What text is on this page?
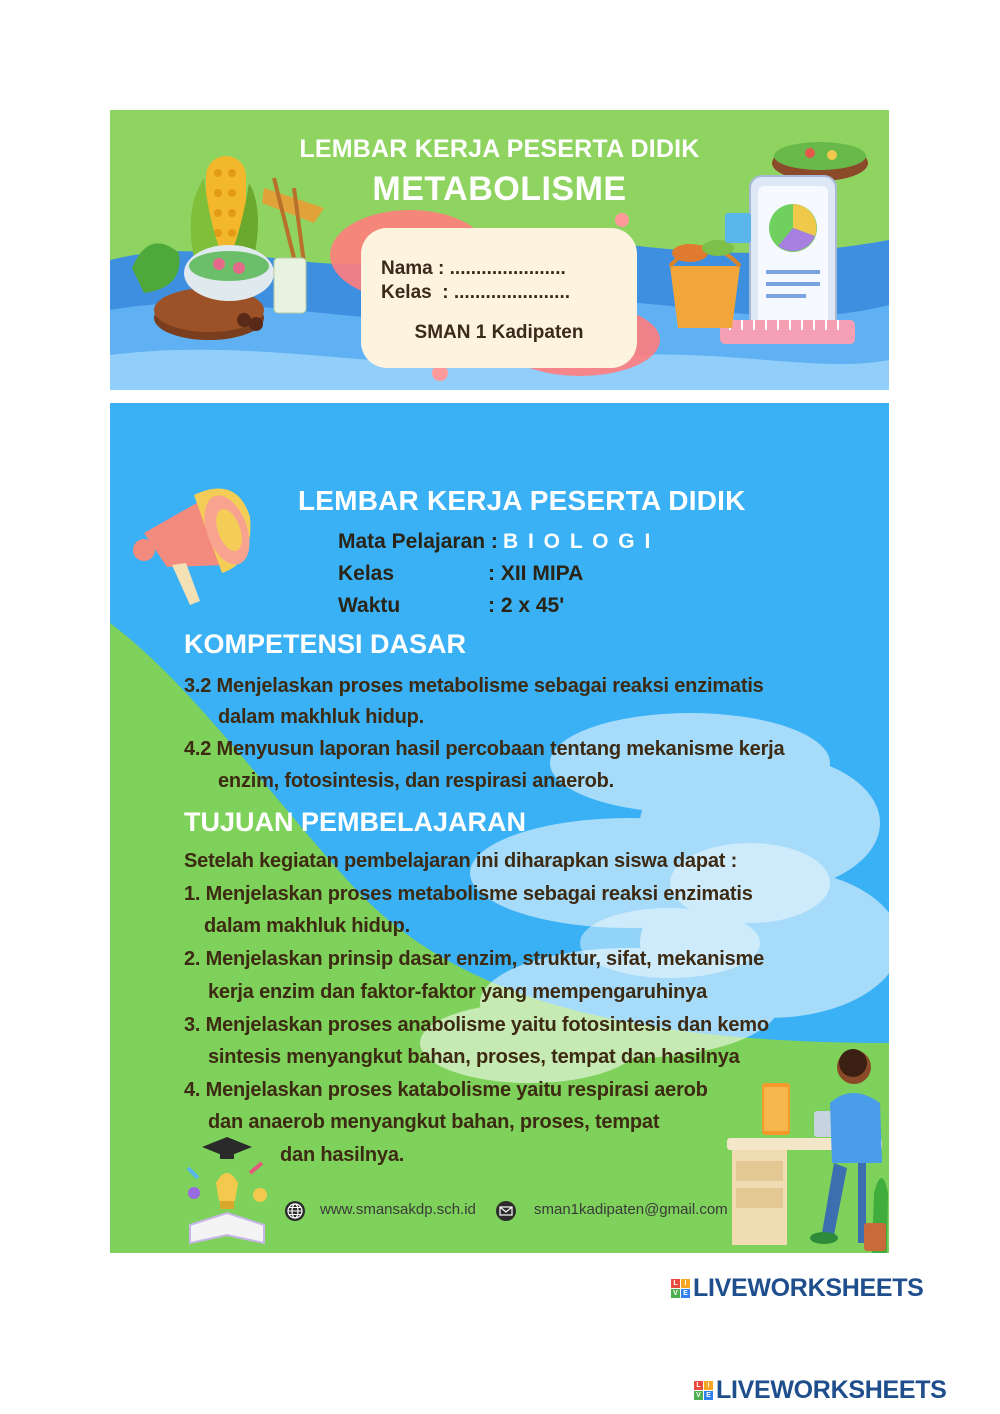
LEMBAR KERJA PESERTA DIDIK
METABOLISME
Nama : ......................
Kelas  : ......................
SMAN 1 Kadipaten
LEMBAR KERJA PESERTA DIDIK
Mata Pelajaran : B I O L O G I
Kelas	: XII MIPA
Waktu	: 2 x 45'
KOMPETENSI DASAR
3.2 Menjelaskan proses metabolisme sebagai reaksi enzimatis
dalam makhluk hidup.
4.2 Menyusun laporan hasil percobaan tentang mekanisme kerja
enzim, fotosintesis, dan respirasi anaerob.
TUJUAN PEMBELAJARAN
Setelah kegiatan pembelajaran ini diharapkan siswa dapat :
1. Menjelaskan proses metabolisme sebagai reaksi enzimatis
dalam makhluk hidup.
2. Menjelaskan prinsip dasar enzim, struktur, sifat, mekanisme
kerja enzim dan faktor-faktor yang mempengaruhinya
3. Menjelaskan proses anabolisme yaitu fotosintesis dan kemo
sintesis menyangkut bahan, proses, tempat dan hasilnya
4. Menjelaskan proses katabolisme yaitu respirasi aerob
dan anaerob menyangkut bahan, proses, tempat
dan hasilnya.
www.smansakdp.sch.id	sman1kadipaten@gmail.com
L I
V E LIVEWORKSHEETS
L I
V E LIVEWORKSHEETS
